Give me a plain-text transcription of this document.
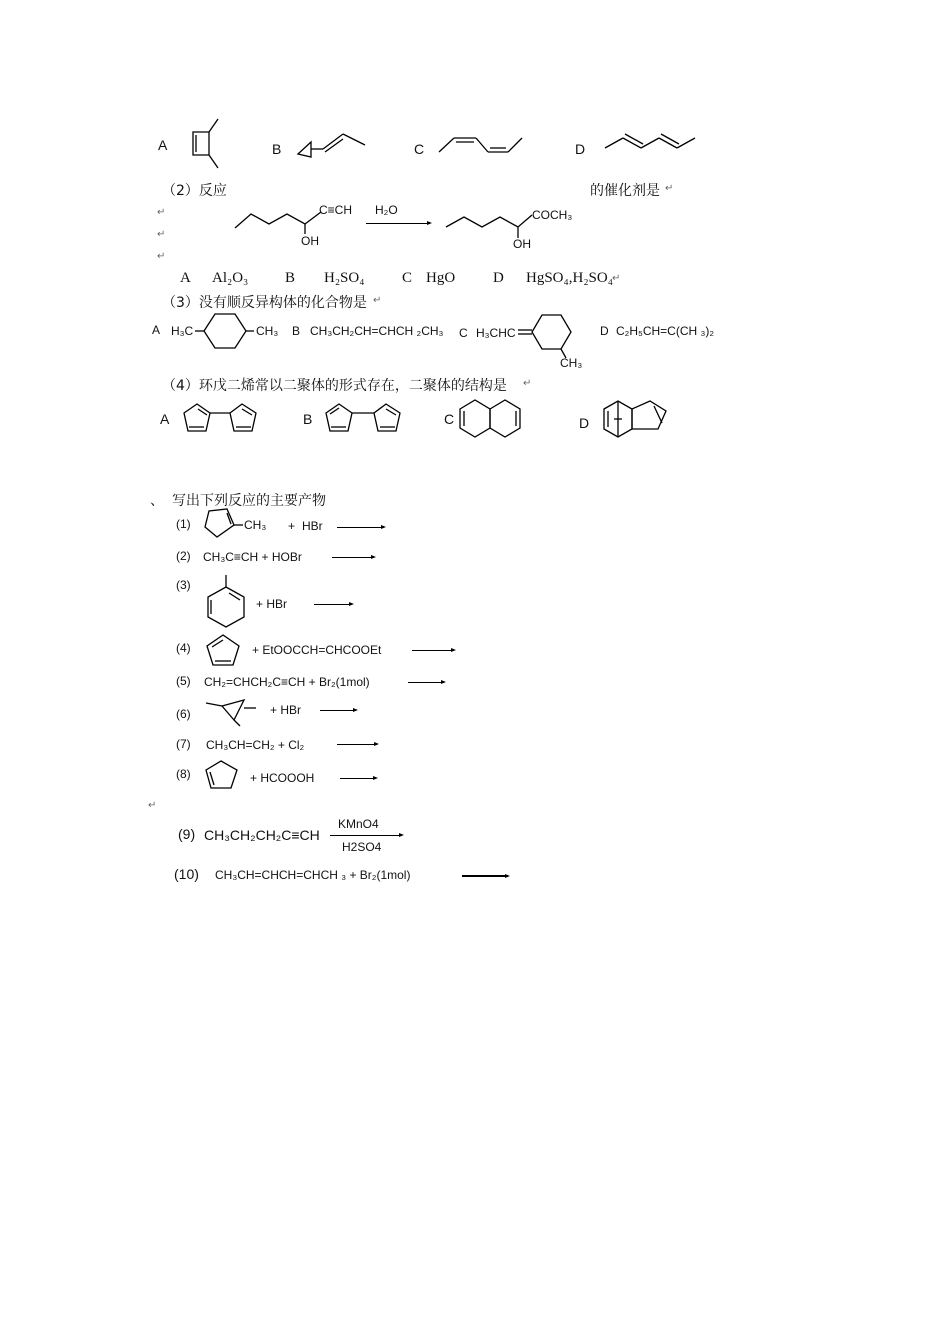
A	B	C	D
（2）反应	的催化剂是 ↵
↵
↵
↵
C≡CH
OH
H₂O	COCH₃
OH
A Al₂O₃ B H₂SO₄	C HgO	D HgSO₄,H₂SO₄ ↵
（3）没有顺反异构体的化合物是 ↵
A H₃C	CH₃ B CH₃CH₂CH=CHCH ₂CH₃ C H₃CHC
CH₃
D C₂H₅CH=C(CH ₃)₂
（4）环戊二烯常以二聚体的形式存在，二聚体的结构是 ↵
A	B	C	D
、 写出下列反应的主要产物
(1)	CH₃ + HBr
(2) CH₃C≡CH + HOBr
(3)
+ HBr
(4)	+ EtOOCCH=CHCOOEt
(5) CH₂=CHCH₂C≡CH + Br₂(1mol)
(6)	+ HBr
(7) CH₃CH=CH₂ + Cl₂
(8)	+ HCOOOH
↵
(9) CH₃CH₂CH₂C≡CH
KMnO4
H2SO4
(10) CH₃CH=CHCH=CHCH ₃ + Br₂(1mol)
